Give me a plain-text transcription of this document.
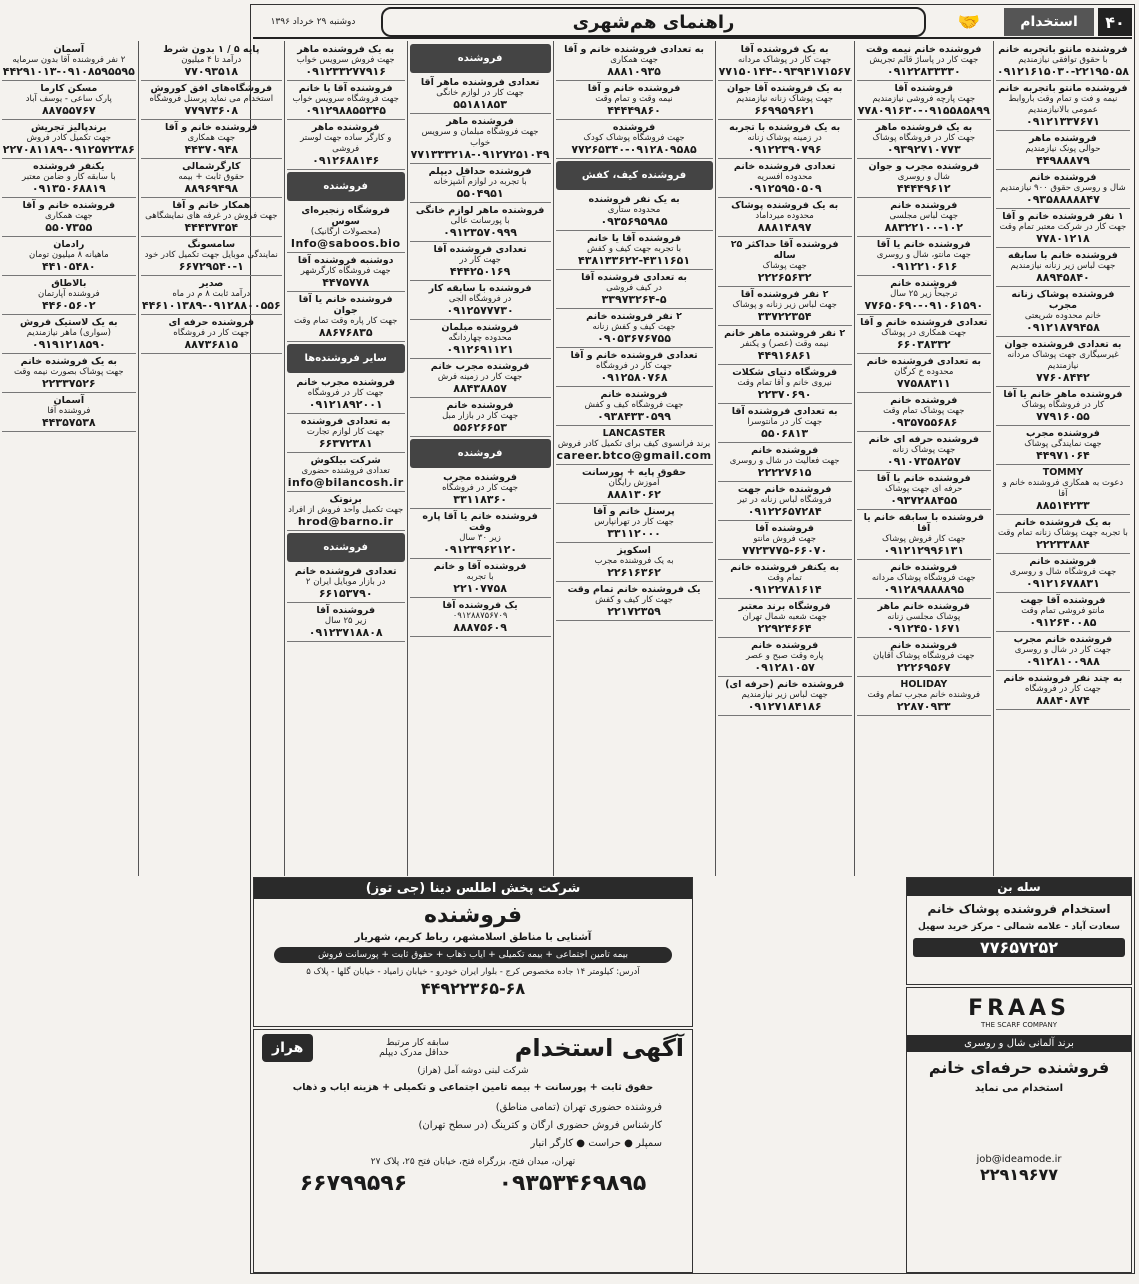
۴۰
استخدام
🤝
راهنمای هم‌شهری
دوشنبه ۲۹ خرداد ۱۳۹۶
فروشنده مانتو باتجربه خانم
با حقوق توافقی نیازمندیم
۰۹۱۲۱۶۱۵۰۳۰-۲۲۱۹۵۰۵۸
فروشنده مانتو باتجربه خانم
نیمه و فت و تمام وقت باروابط عمومی بالانیازمندیم
۰۹۱۲۱۳۳۷۶۷۱
فروشنده ماهر
حوالی پونک نیازمندیم
۴۴۹۸۸۸۷۹
فروشنده خانم
شال و روسری حقوق ۹۰۰ نیازمندیم
۰۹۳۵۸۸۸۸۸۴۷
۱ نفر فروشنده خانم و آقا
جهت کار در شرکت معتبر تمام وقت
۷۷۸۰۱۲۱۸
فروشنده خانم با سابقه
جهت لباس زیر زنانه نیازمندیم
۸۸۹۴۵۸۴۰
فروشنده پوشاک زنانه مجرب
خانم محدوده شریعتی
۰۹۱۲۱۸۷۹۴۵۸
به تعدادی فروشنده جوان
غیرسیگاری جهت پوشاک مردانه نیازمندیم
۷۷۶۰۸۴۴۲
فروشنده ماهر خانم یا آقا
کار در فروشگاه پوشاک
۷۷۹۱۶۰۵۵
فروشنده مجرب
جهت نمایندگی پوشاک
۴۴۹۷۱۰۶۴
TOMMY
دعوت به همکاری فروشنده خانم و آقا
۸۸۵۱۴۲۳۳
به یک فروشنده خانم
با تجربه جهت پوشاک زنانه تمام وقت
۲۲۲۳۳۸۸۴
فروشنده خانم
جهت فروشگاه شال و روسری
۰۹۱۲۱۶۷۸۸۳۱
فروشنده آقا جهت
مانتو فروشی تمام وقت
۰۹۱۲۶۴۰۰۸۵
فروشنده خانم مجرب
جهت کار در شال و روسری
۰۹۱۲۸۱۰۰۹۸۸
به چند نفر فروشنده خانم
جهت کار در فروشگاه
۸۸۸۴۰۸۷۴
فروشنده خانم نیمه وقت
جهت کار در پاساژ قائم تجریش
۰۹۱۲۲۸۳۳۳۳۰
فروشنده آقا
جهت پارچه فروشی نیازمندیم
۷۷۸۰۹۱۶۳۰-۰۹۱۵۵۸۵۸۹۹
به یک فروشنده ماهر
جهت کار در فروشگاه پوشاک
۰۹۳۹۲۷۱۰۷۷۳
فروشنده مجرب و جوان
شال و روسری
۴۴۴۴۹۶۱۲
فروشنده خانم
جهت لباس مجلسی
۸۸۳۲۲۱۰۰-۱۰۲
فروشنده خانم یا آقا
جهت مانتو، شال و روسری
۰۹۱۲۲۱۰۶۱۶
فروشنده خانم
ترجیحاً زیر ۲۵ سال
۷۷۶۵۰۶۹۰-۰۹۱۰۶۱۵۹۰
تعدادی فروشنده خانم و آقا
جهت همکاری در پوشاک
۶۶۰۳۸۳۳۲
به تعدادی فروشنده خانم
محدوده خ کرگان
۷۷۵۸۸۳۱۱
فروشنده خانم
جهت پوشاک تمام وقت
۰۹۳۵۷۵۵۶۸۶
فروشنده حرفه ای خانم
جهت پوشاک زنانه
۰۹۱۰۷۳۵۸۲۵۷
فروشنده خانم یا آقا
حرفه ای جهت پوشاک
۰۹۳۷۲۸۸۴۵۵
فروشنده با سابقه خانم یا آقا
جهت کار فروش پوشاک
۰۹۱۲۱۲۹۹۶۱۳۱
فروشنده خانم
جهت فروشگاه پوشاک مردانه
۰۹۱۲۸۹۸۸۸۸۹۵
فروشنده خانم ماهر
پوشاک مجلسی زنانه
۰۹۱۲۴۵۰۱۶۷۱
فروشنده خانم
جهت فروشگاه پوشاک آقایان
۲۲۲۶۹۵۶۷
HOLIDAY
فروشنده خانم مجرب تمام وقت
۲۲۸۷۰۹۳۳
به یک فروشنده آقا
جهت کار در پوشاک مردانه
۷۷۱۵۰۱۴۴-۰۹۳۹۴۱۷۱۵۶۷
به یک فروشنده آقا جوان
جهت پوشاک زنانه نیازمندیم
۶۶۹۹۵۹۶۲۱
به یک فروشنده با تجربه
در زمینه پوشاک زنانه
۰۹۱۲۲۳۹۰۷۹۶
تعدادی فروشنده خانم
محدوده افسریه
۰۹۱۲۵۹۵۰۵۰۹
به یک فروشنده پوشاک
محدوده میرداماد
۸۸۸۱۴۸۹۷
فروشنده آقا حداکثر ۲۵ ساله
جهت پوشاک
۲۲۲۶۵۶۳۲
۲ نفر فروشنده آقا
جهت لباس زیر زنانه و پوشاک
۳۳۷۲۲۳۵۴
۲ نفر فروشنده ماهر خانم
نیمه وقت (عصر) و یکنفر
۴۴۹۱۶۸۶۱
فروشگاه دنیای شکلات
نیروی خانم و آقا تمام وقت
۲۲۳۷۰۶۹۰
به تعدادی فروشنده آقا
جهت کار در مانتوسرا
۵۵۰۶۸۱۳
فروشنده خانم
جهت فعالیت در شال و روسری
۲۲۲۲۷۶۱۵
فروشنده خانم جهت
فروشگاه لباس زنانه در تیر
۰۹۱۲۲۶۵۷۲۸۴
فروشنده آقا
جهت فروش مانتو
۷۷۲۳۷۷۵-۶۶۰۷۰
به یکنفر فروشنده خانم
تمام وقت
۰۹۱۲۲۷۸۱۶۱۴
فروشگاه برند معتبر
جهت شعبه شمال تهران
۲۲۹۲۴۶۶۴
فروشنده خانم
پاره وقت صبح و عصر
۰۹۱۲۸۱۰۵۷
فروشنده خانم (حرفه ای)
جهت لباس زیر نیازمندیم
۰۹۱۲۷۱۸۴۱۸۶
به تعدادی فروشنده خانم و آقا
جهت همکاری
۸۸۸۱۰۹۳۵
فروشنده خانم و آقا
نیمه وقت و تمام وقت
۴۴۴۴۹۸۶۰
فروشنده
جهت فروشگاه پوشاک کودک
۷۷۲۶۵۳۴۰-۰۹۱۲۸۰۹۵۸۵
فروشنده کیف، کفش
به یک نفر فروشنده
محدوده ستاری
۰۹۳۵۶۹۵۹۸۵
فروشنده آقا یا خانم
با تجربه جهت کیف و کفش
۴۳۸۱۳۳۶۲۲-۴۳۱۱۶۵۱
به تعدادی فروشنده آقا
در کیف فروشی
۳۳۹۷۳۲۶۴-۵
۲ نفر فروشنده خانم
جهت کیف و کفش زنانه
۰۹۰۵۳۶۷۶۷۵۵
تعدادی فروشنده خانم و آقا
جهت کار در فروشگاه
۰۹۱۲۵۸۰۷۶۸
فروشنده خانم
جهت فروشگاه کیف و کفش
۰۹۳۸۴۳۳۰۵۹۹
LANCASTER
برند فرانسوی کیف برای تکمیل کادر فروش
career.btco@gmail.com
حقوق پایه + پورسانت
آموزش رایگان
۸۸۸۱۳۰۶۲
پرسنل خانم و آقا
جهت کار در تهرانپارس
۳۳۱۱۲۰۰۰
اسکوپز
به یک فروشنده مجرب
۲۲۶۱۶۳۶۲
یک فروشنده خانم تمام وقت
جهت کار کیف و کفش
۲۲۱۷۲۳۵۹
فروشنده
تعدادی فروشنده ماهر آقا
جهت کار در لوازم خانگی
۵۵۱۸۱۸۵۳
فروشنده ماهر
جهت فروشگاه مبلمان و سرویس خواب
۷۷۱۳۳۳۲۱۸-۰۹۱۲۷۲۵۱۰۴۹
فروشنده حداقل دیپلم
با تجربه در لوازم آشپزخانه
۵۵۰۴۹۵۱
فروشنده ماهر لوازم خانگی
با پورسانت عالی
۰۹۱۲۳۵۷۰۹۹۹
تعدادی فروشنده آقا
جهت کار در
۴۴۴۲۵۰۱۶۹
فروشنده با سابقه کار
در فروشگاه الجی
۰۹۱۲۵۷۷۷۳۰
فروشنده مبلمان
محدوده چهاردانگه
۰۹۱۲۶۹۱۱۲۱
فروشنده مجرب خانم
جهت کار در زمینه فرش
۸۸۴۳۸۸۵۷
فروشنده خانم
جهت کار در بازار مبل
۵۵۶۲۶۶۵۳
فروشنده
فروشنده مجرب
جهت کار در فروشگاه
۳۳۱۱۸۳۶۰
فروشنده خانم یا آقا پاره وقت
زیر ۳۰ سال
۰۹۱۲۳۹۶۲۱۲۰
فروشنده آقا و خانم
با تجربه
۲۲۱۰۷۷۵۸
یک فروشنده آقا
۰۹۱۲۸۸۷۵۶۷۰۹
۸۸۸۷۵۶۰۹
به یک فروشنده ماهر
جهت فروش سرویس خواب
۰۹۱۲۳۳۲۷۷۹۱۶
فروشنده آقا یا خانم
جهت فروشگاه سرویس خواب
۰۹۱۲۹۸۸۵۵۳۴۵
فروشنده ماهر
و کارگر ساده جهت لوستر فروشی
۰۹۱۲۶۸۸۱۴۶
فروشنده
فروشگاه زنجیره‌ای سوس
(محصولات ارگانیک)
Info@saboos.bio
دوشنبه فروشنده آقا
جهت فروشگاه کارگرشهر
۴۴۷۵۷۷۸
فروشنده خانم یا آقا جوان
جهت کار پاره وقت تمام وقت
۸۸۶۷۶۸۳۵
سایر فروشنده‌ها
فروشنده مجرب خانم
جهت کار در فروشگاه
۰۹۱۲۱۸۹۲۰۰۱
به تعدادی فروشنده
جهت کار لوازم تجارت
۶۶۳۷۲۳۸۱
شرکت بیلکوش
تعدادی فروشنده حضوری
info@bilancosh.ir
برنوتک
جهت تکمیل واحد فروش از افراد
hrod@barno.ir
فروشنده
تعدادی فروشنده خانم
در بازار موبایل ایران ۲
۶۶۱۵۳۷۹۰
فروشنده آقا
زیر ۲۵ سال
۰۹۱۲۳۷۱۸۸۰۸
پایه ۵ / ۱ بدون شرط
درآمد تا ۴ میلیون
۷۷۰۹۳۵۱۸
فروشگاه‌های افق کوروش
استخدام می نماید پرسنل فروشگاه
۷۷۹۷۳۶۰۸
فروشنده خانم و آقا
جهت همکاری
۴۴۳۷۰۹۴۸
کارگرشمالی
حقوق ثابت + بیمه
۸۸۹۶۹۴۹۸
همکار خانم و آقا
جهت فروش در غرفه های نمایشگاهی
۴۴۴۳۷۳۵۴
سامسونگ
نمایندگی موبایل جهت تکمیل کادر خود
۶۶۷۲۹۵۴۰-۱
صدیر
درآمد ثابت ۸ م در ماه
۴۴۶۱۰۱۳۸۹-۰۹۱۲۸۸۰۰۵۵۶
فروشنده حرفه ای
جهت کار در فروشگاه
۸۸۷۳۶۸۱۵
آسمان
۲ نفر فروشنده آقا بدون سرمایه
۴۴۲۹۱۰۱۳-۰۹۱۰۸۵۹۵۵۹۵
مسکن کارما
پارک ساعی - یوسف آباد
۸۸۷۵۵۷۶۷
برندپالیز تجریش
جهت تکمیل کادر فروش
۲۲۷۰۸۱۱۸۹-۰۹۱۲۵۷۲۳۸۶
یکنفر فروشنده
با سابقه کار و ضامن معتبر
۰۹۱۳۵۰۶۸۸۱۹
فروشنده خانم و آقا
جهت همکاری
۵۵۰۷۳۵۵
رادمان
ماهیانه ۸ میلیون تومان
۴۴۱۰۵۴۸۰
بالاطاق
فروشنده آپارتمان
۴۴۶۰۵۶۰۲
به یک لاستیک فروش
(سواری) ماهر نیازمندیم
۰۹۱۹۱۲۱۸۵۹۰
به یک فروشنده خانم
جهت پوشاک بصورت نیمه وقت
۲۲۳۳۷۵۲۶
آسمان
فروشنده آقا
۴۴۳۵۷۵۳۸
شرکت پخش اطلس دینا (جی توز)
فروشنده
آشنایی با مناطق اسلامشهر، رباط کریم، شهریار
بیمه تامین اجتماعی + بیمه تکمیلی + ایاب ذهاب + حقوق ثابت + پورسانت فروش
آدرس: کیلومتر ۱۴ جاده مخصوص کرج - بلوار ایران خودرو - خیابان زامیاد - خیابان گلها - پلاک ۵
۴۴۹۲۲۳۶۵-۶۸
آگهی استخدام
سابقه کار مرتبط
حداقل مدرک دیپلم
هراز
شرکت لبنی دوشه آمل (هراز)
حقوق ثابت + پورسانت + بیمه تامین اجتماعی و تکمیلی + هزینه ایاب و ذهاب
فروشنده حضوری تهران (تمامی مناطق)
کارشناس فروش حضوری ارگان و کترینگ (در سطح تهران)
سمپلر ● حراست ● کارگر انبار
تهران، میدان فتح، بزرگراه فتح، خیابان فتح ۲۵، پلاک ۲۷
۰۹۳۵۳۴۶۹۸۹۵
۶۶۷۹۹۵۹۶
سله بن
استخدام فروشنده پوشاک خانم
سعادت آباد - علامه شمالی - مرکز خرید سهیل
۷۷۶۵۷۲۵۲
FRAAS
THE SCARF COMPANY
برند آلمانی شال و روسری
فروشنده حرفه‌ای خانم
استخدام می نماید
job@ideamode.ir
۲۲۹۱۹۶۷۷
